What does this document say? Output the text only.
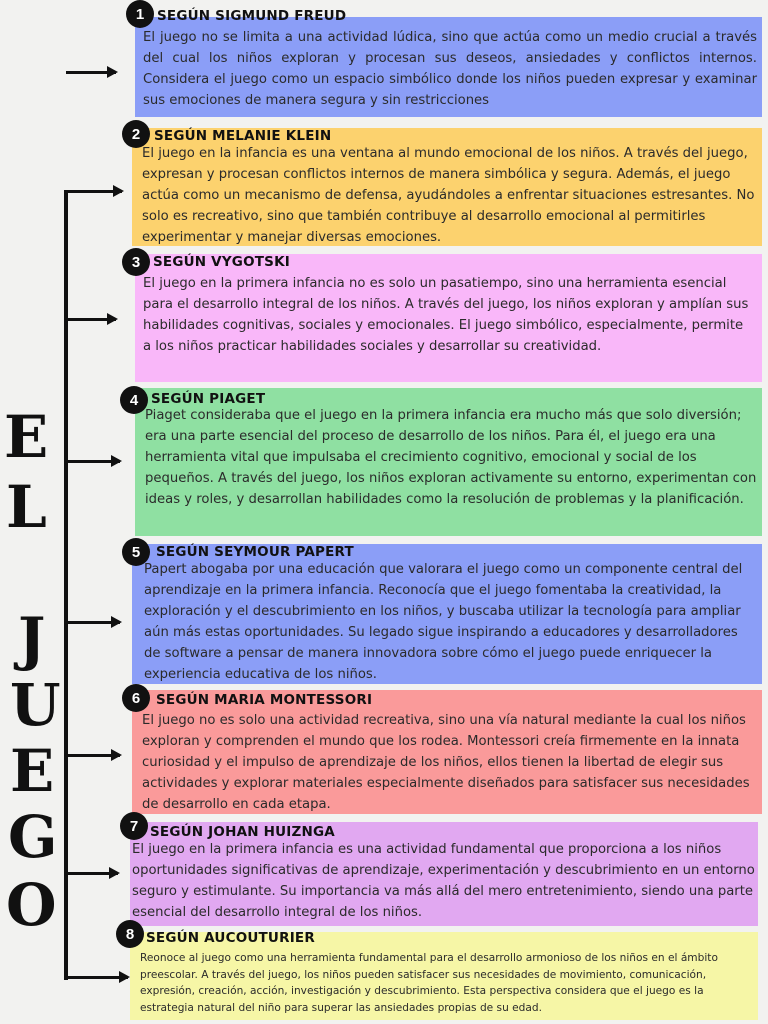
E
L
J
U
E
G
O
SEGÚN SIGMUND FREUD
El juego no se limita a una actividad lúdica, sino que actúa como un medio crucial a través del cual los niños exploran y procesan sus deseos, ansiedades y conflictos internos. Considera el juego como un espacio simbólico donde los niños pueden expresar y examinar sus emociones de manera segura y sin restricciones
1
SEGÚN MELANIE KLEIN
El juego en la infancia es una ventana al mundo emocional de los niños. A través del juego, expresan y procesan conflictos internos de manera simbólica y segura. Además, el juego actúa como un mecanismo de defensa, ayudándoles a enfrentar situaciones estresantes. No solo es recreativo, sino que también contribuye al desarrollo emocional al permitirles experimentar y manejar diversas emociones.
2
SEGÚN VYGOTSKI
El juego en la primera infancia no es solo un pasatiempo, sino una herramienta esencial para el desarrollo integral de los niños. A través del juego, los niños exploran y amplían sus habilidades cognitivas, sociales y emocionales. El juego simbólico, especialmente, permite a los niños practicar habilidades sociales y desarrollar su creatividad.
3
SEGÚN PIAGET
Piaget consideraba que el juego en la primera infancia era mucho más que solo diversión; era una parte esencial del proceso de desarrollo de los niños. Para él, el juego era una herramienta vital que impulsaba el crecimiento cognitivo, emocional y social de los pequeños. A través del juego, los niños exploran activamente su entorno, experimentan con ideas y roles, y desarrollan habilidades como la resolución de problemas y la planificación.
4
SEGÚN SEYMOUR PAPERT
Papert abogaba por una educación que valorara el juego como un componente central del aprendizaje en la primera infancia. Reconocía que el juego fomentaba la creatividad, la exploración y el descubrimiento en los niños, y buscaba utilizar la tecnología para ampliar aún más estas oportunidades. Su legado sigue inspirando a educadores y desarrolladores de software a pensar de manera innovadora sobre cómo el juego puede enriquecer la experiencia educativa de los niños.
5
SEGÚN MARIA MONTESSORI
El juego no es solo una actividad recreativa, sino una vía natural mediante la cual los niños exploran y comprenden el mundo que los rodea. Montessori creía firmemente en la innata curiosidad y el impulso de aprendizaje de los niños, ellos tienen la libertad de elegir sus actividades y explorar materiales especialmente diseñados para satisfacer sus necesidades de desarrollo en cada etapa.
6
SEGÚN JOHAN HUIZNGA
El juego en la primera infancia es una actividad fundamental que proporciona a los niños oportunidades significativas de aprendizaje, experimentación y descubrimiento en un entorno seguro y estimulante. Su importancia va más allá del mero entretenimiento, siendo una parte esencial del desarrollo integral de los niños.
7
SEGÚN AUCOUTURIER
Reonoce al juego como una herramienta fundamental para el desarrollo armonioso de los niños en el ámbito preescolar. A través del juego, los niños pueden satisfacer sus necesidades de movimiento, comunicación, expresión, creación, acción, investigación y descubrimiento. Esta perspectiva considera que el juego es la estrategia natural del niño para superar las ansiedades propias de su edad.
8
